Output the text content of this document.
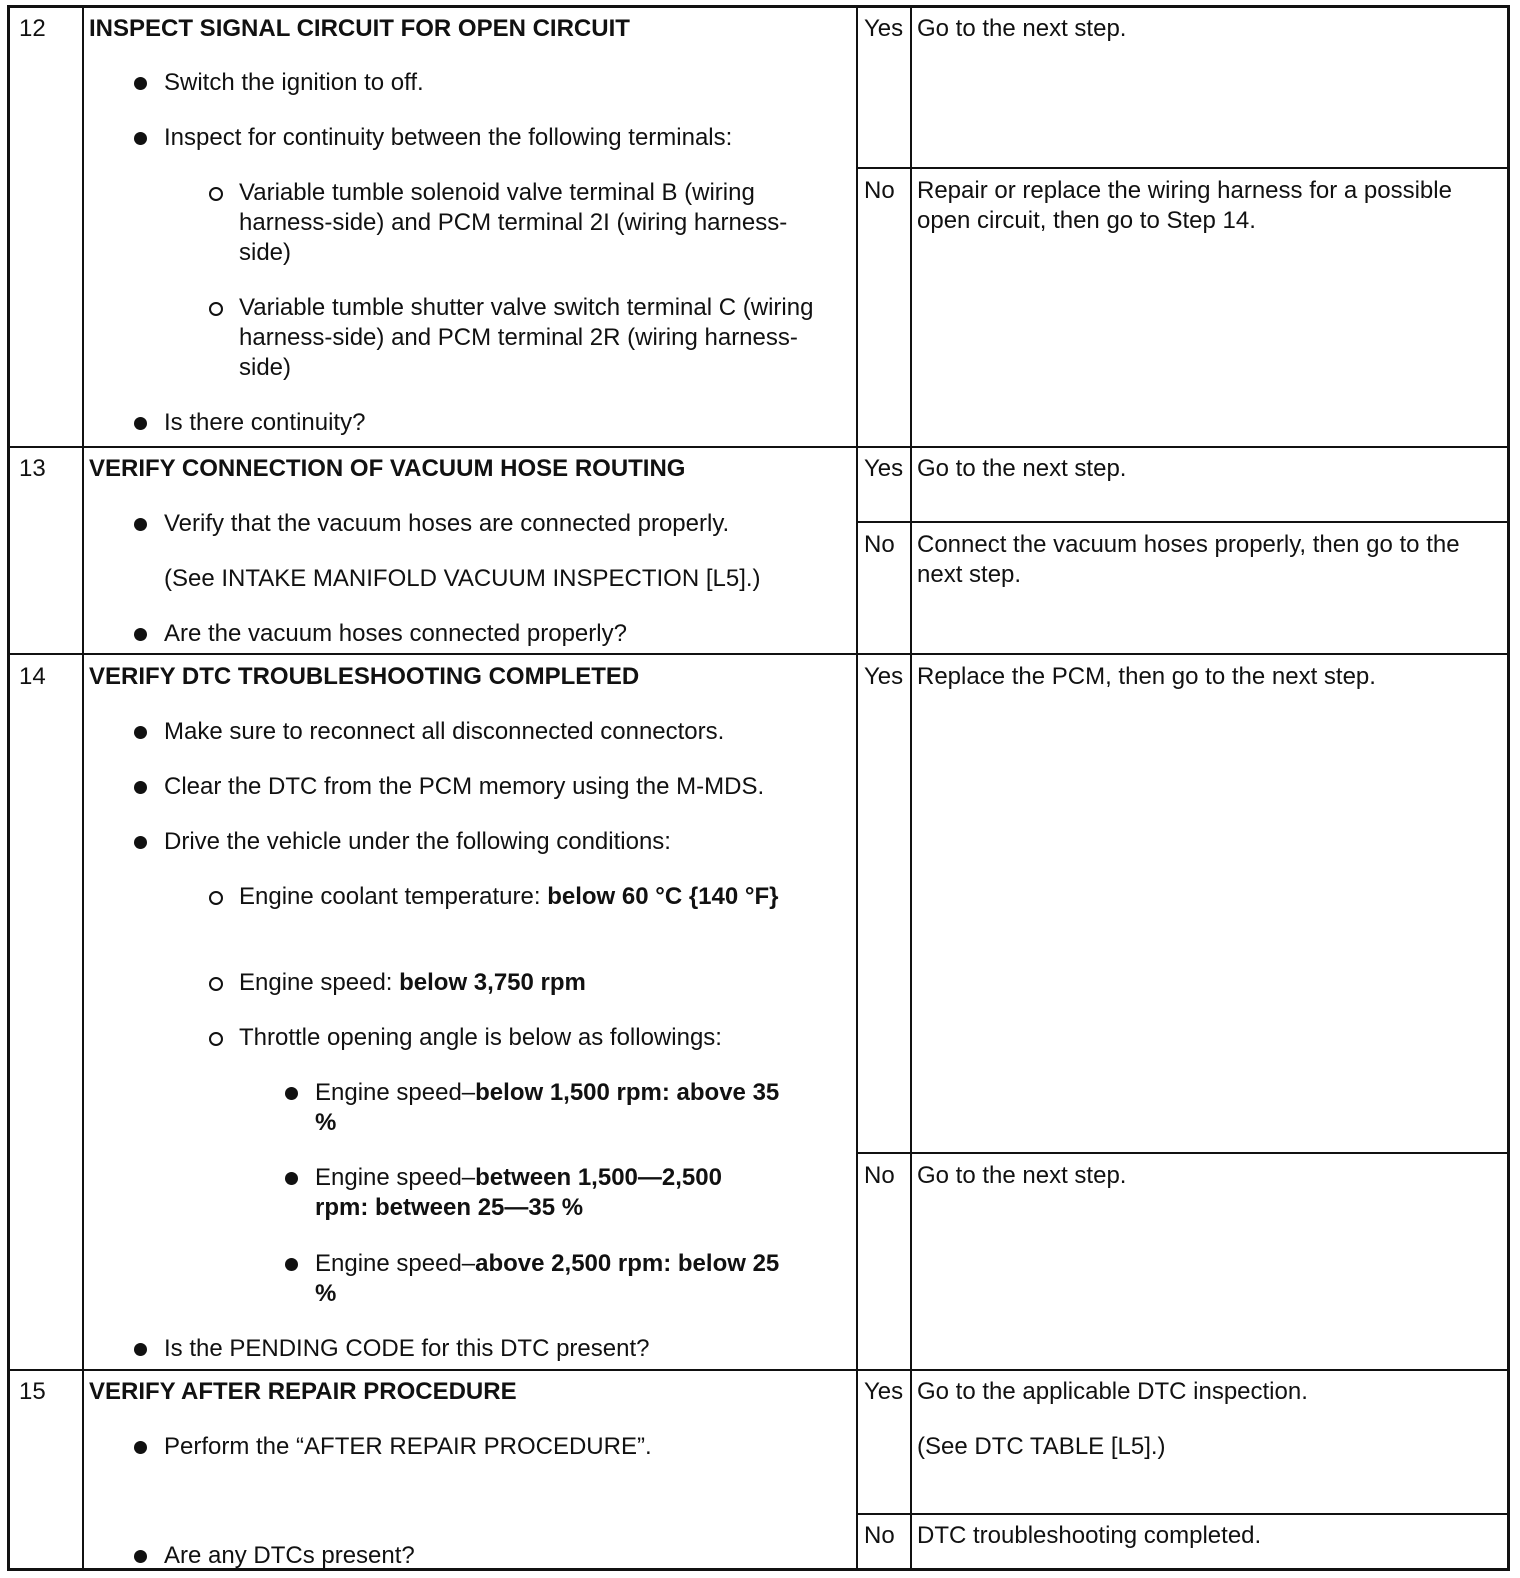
12 INSPECT SIGNAL CIRCUIT FOR OPEN CIRCUIT
Switch the ignition to off.
Inspect for continuity between the following terminals:
Variable tumble solenoid valve terminal B (wiring harness-side) and PCM terminal 2I (wiring harness-side)
Variable tumble shutter valve switch terminal C (wiring harness-side) and PCM terminal 2R (wiring harness-side)
Is there continuity?
Yes Go to the next step.
No Repair or replace the wiring harness for a possible open circuit, then go to Step 14.
13 VERIFY CONNECTION OF VACUUM HOSE ROUTING
Verify that the vacuum hoses are connected properly.
(See INTAKE MANIFOLD VACUUM INSPECTION [L5].)
Are the vacuum hoses connected properly?
Yes Go to the next step.
No Connect the vacuum hoses properly, then go to the next step.
14 VERIFY DTC TROUBLESHOOTING COMPLETED
Make sure to reconnect all disconnected connectors.
Clear the DTC from the PCM memory using the M-MDS.
Drive the vehicle under the following conditions:
Engine coolant temperature: below 60 °C {140 °F}
Engine speed: below 3,750 rpm
Throttle opening angle is below as followings:
Engine speed–below 1,500 rpm: above 35 %
Engine speed–between 1,500—2,500 rpm: between 25—35 %
Engine speed–above 2,500 rpm: below 25 %
Is the PENDING CODE for this DTC present?
Yes Replace the PCM, then go to the next step.
No Go to the next step.
15 VERIFY AFTER REPAIR PROCEDURE
Perform the “AFTER REPAIR PROCEDURE”.
Are any DTCs present?
Yes Go to the applicable DTC inspection.
(See DTC TABLE [L5].)
No DTC troubleshooting completed.
